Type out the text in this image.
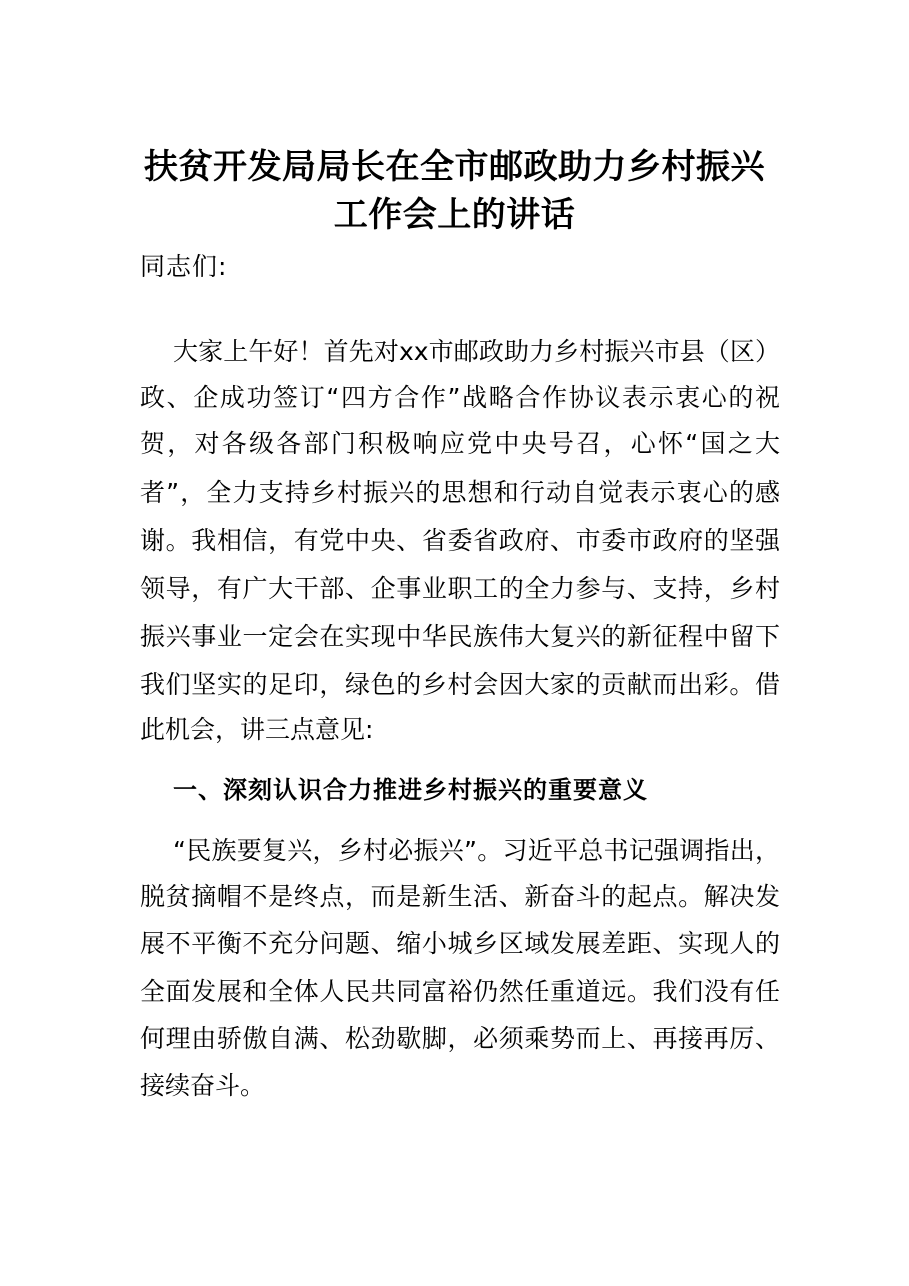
扶贫开发局局长在全市邮政助力乡村振兴
工作会上的讲话
同志们:
大家上午好！首先对xx市邮政助力乡村振兴市县（区）
政、企成功签订“四方合作”战略合作协议表示衷心的祝
贺，对各级各部门积极响应党中央号召，心怀“国之大
者”，全力支持乡村振兴的思想和行动自觉表示衷心的感
谢。我相信，有党中央、省委省政府、市委市政府的坚强
领导，有广大干部、企事业职工的全力参与、支持，乡村
振兴事业一定会在实现中华民族伟大复兴的新征程中留下
我们坚实的足印，绿色的乡村会因大家的贡献而出彩。借
此机会，讲三点意见:
一、深刻认识合力推进乡村振兴的重要意义
“民族要复兴，乡村必振兴”。习近平总书记强调指出，
脱贫摘帽不是终点，而是新生活、新奋斗的起点。解决发
展不平衡不充分问题、缩小城乡区域发展差距、实现人的
全面发展和全体人民共同富裕仍然任重道远。我们没有任
何理由骄傲自满、松劲歇脚，必须乘势而上、再接再厉、
接续奋斗。
